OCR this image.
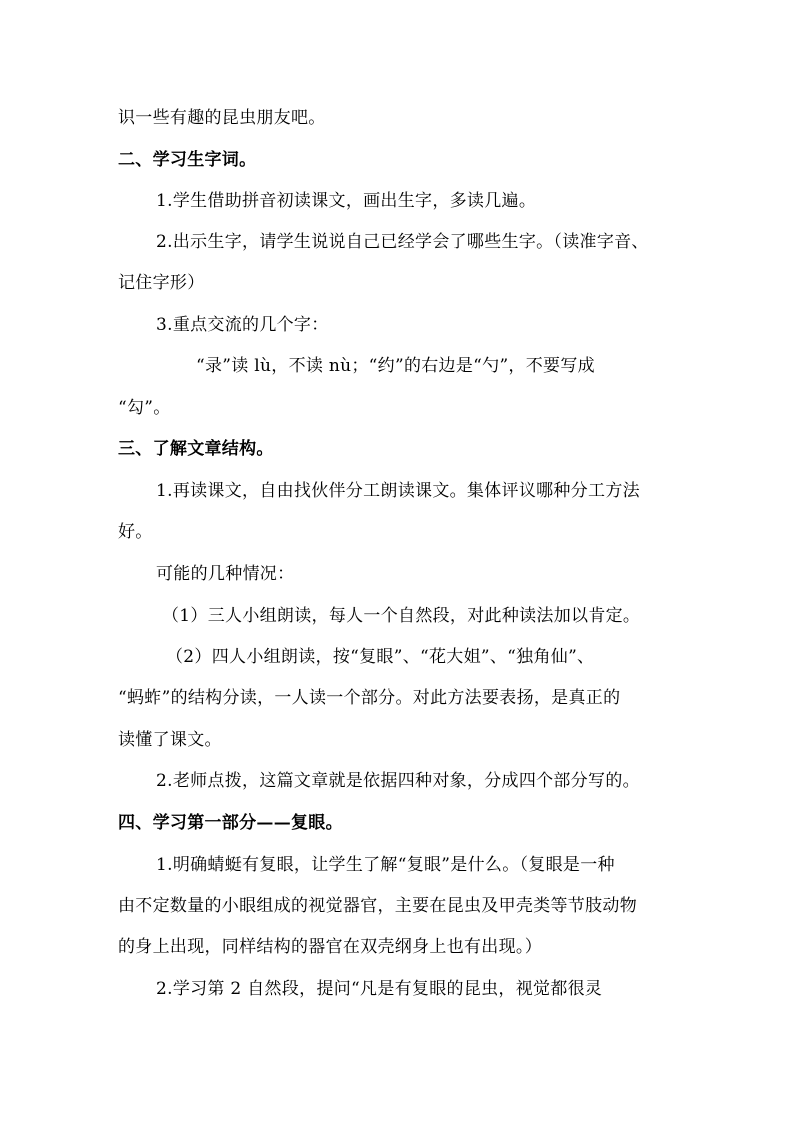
识一些有趣的昆虫朋友吧。
二、学习生字词。
1.学生借助拼音初读课文，画出生字，多读几遍。
2.出示生字，请学生说说自己已经学会了哪些生字。（读准字音、
记住字形）
3.重点交流的几个字：
“录”读 lù，不读 nù；“约”的右边是“勺”，不要写成
“勾”。
三、了解文章结构。
1.再读课文，自由找伙伴分工朗读课文。集体评议哪种分工方法
好。
可能的几种情况：
（1）三人小组朗读，每人一个自然段，对此种读法加以肯定。
（2）四人小组朗读，按“复眼”、“花大姐”、“独角仙”、
“蚂蚱”的结构分读，一人读一个部分。对此方法要表扬，是真正的
读懂了课文。
2.老师点拨，这篇文章就是依据四种对象，分成四个部分写的。
四、学习第一部分——复眼。
1.明确蜻蜓有复眼，让学生了解“复眼”是什么。（复眼是一种
由不定数量的小眼组成的视觉器官，主要在昆虫及甲壳类等节肢动物
的身上出现，同样结构的器官在双壳纲身上也有出现。）
2.学习第 2 自然段，提问“凡是有复眼的昆虫，视觉都很灵
